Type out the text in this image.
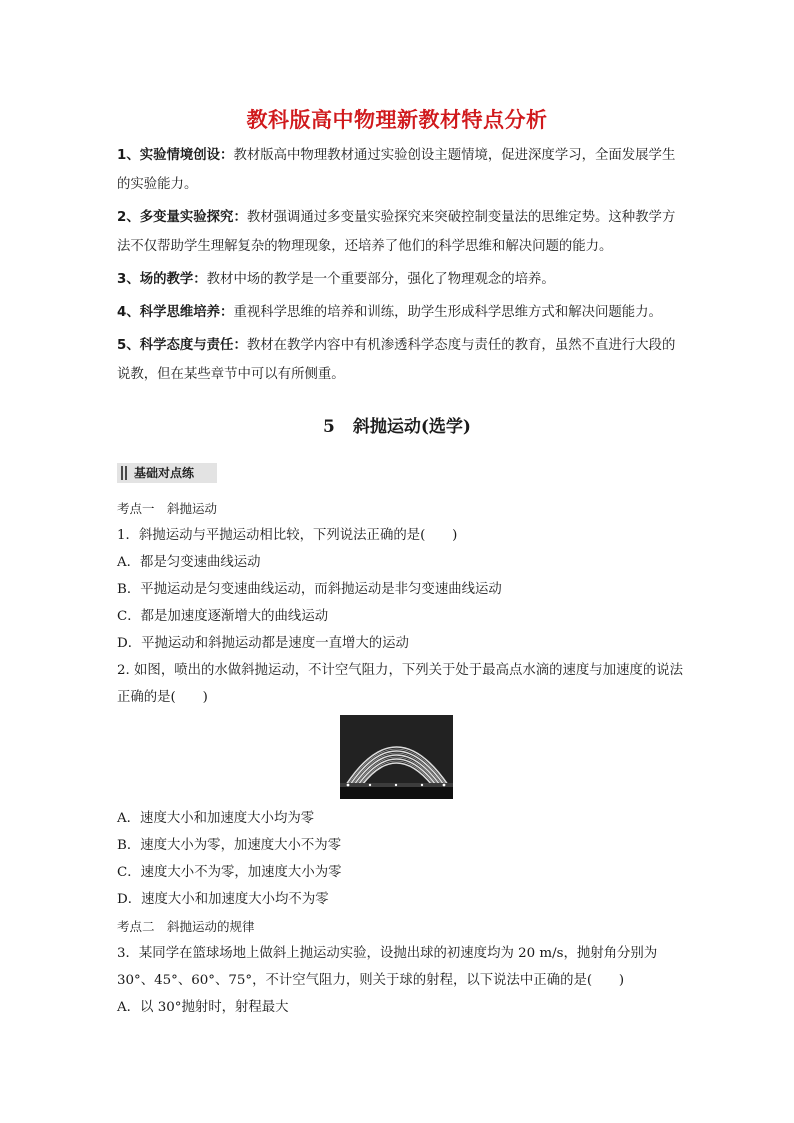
教科版高中物理新教材特点分析

1、实验情境创设：教材版高中物理教材通过实验创设主题情境，促进深度学习，全面发展学生的实验能力。

2、多变量实验探究：教材强调通过多变量实验探究来突破控制变量法的思维定势。这种教学方法不仅帮助学生理解复杂的物理现象，还培养了他们的科学思维和解决问题的能力。

3、场的教学：教材中场的教学是一个重要部分，强化了物理观念的培养。

4、科学思维培养：重视科学思维的培养和训练，助学生形成科学思维方式和解决问题能力。

5、科学态度与责任：教材在教学内容中有机渗透科学态度与责任的教育，虽然不直进行大段的说教，但在某些章节中可以有所侧重。

5 斜抛运动(选学)
基础对点练

考点一　斜抛运动

1．斜抛运动与平抛运动相比较，下列说法正确的是(　　)

A．都是匀变速曲线运动

B．平抛运动是匀变速曲线运动，而斜抛运动是非匀变速曲线运动

C．都是加速度逐渐增大的曲线运动

D．平抛运动和斜抛运动都是速度一直增大的运动

2. 如图，喷出的水做斜抛运动，不计空气阻力，下列关于处于最高点水滴的速度与加速度的说法正确的是(　　)

A．速度大小和加速度大小均为零

B．速度大小为零，加速度大小不为零

C．速度大小不为零，加速度大小为零

D．速度大小和加速度大小均不为零

考点二　斜抛运动的规律

3．某同学在篮球场地上做斜上抛运动实验，设抛出球的初速度均为 20 m/s，抛射角分别为 30°、45°、60°、75°，不计空气阻力，则关于球的射程，以下说法中正确的是(　　)

A．以 30°抛射时，射程最大
